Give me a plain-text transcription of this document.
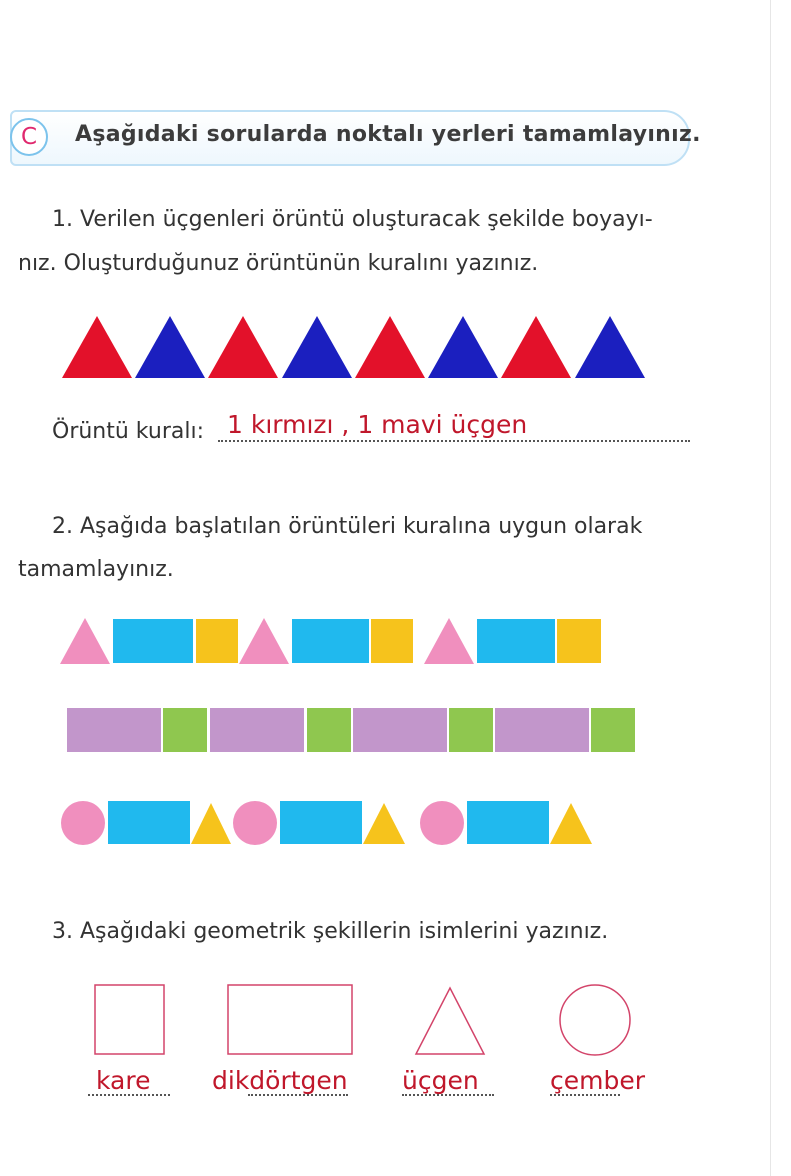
C	Aşağıdaki sorularda noktalı yerleri tamamlayınız.
1. Verilen üçgenleri örüntü oluşturacak şekilde boyayı-
nız. Oluşturduğunuz örüntünün kuralını yazınız.
Örüntü kuralı: 1 kırmızı , 1 mavi üçgen
2. Aşağıda başlatılan örüntüleri kuralına uygun olarak
tamamlayınız.
3. Aşağıdaki geometrik şekillerin isimlerini yazınız.
kare dikdörtgen üçgen	çember
